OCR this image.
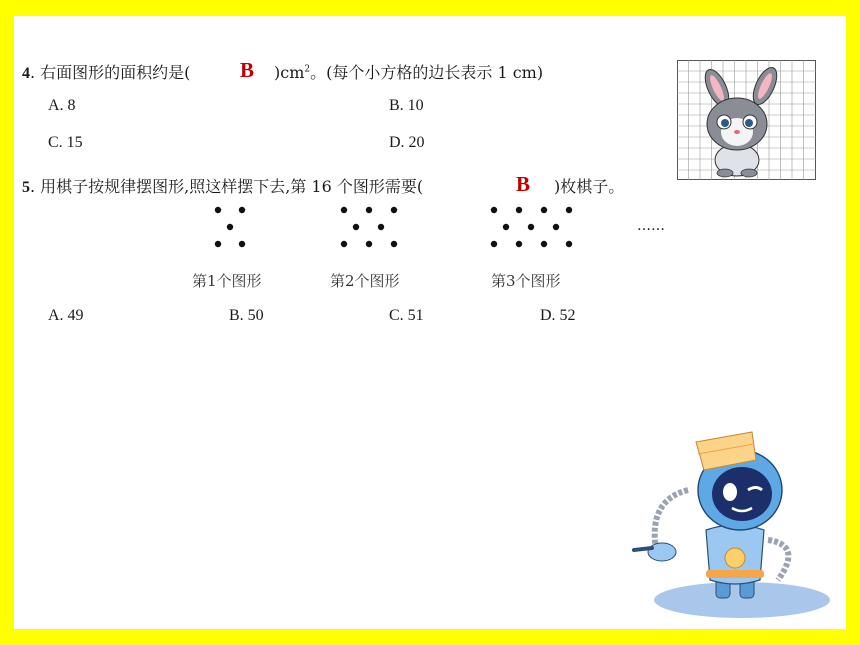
4. 右面图形的面积约是( B )$cm^2$。(每个小方格的边长表示 1 cm)
A. 8	B. 10
C. 15	D. 20
5. 用棋子按规律摆图形,照这样摆下去,第 16 个图形需要(	B )枚棋子。
……
第1个图形	第2个图形	第3个图形
A. 49	B. 50	C. 51	D. 52
